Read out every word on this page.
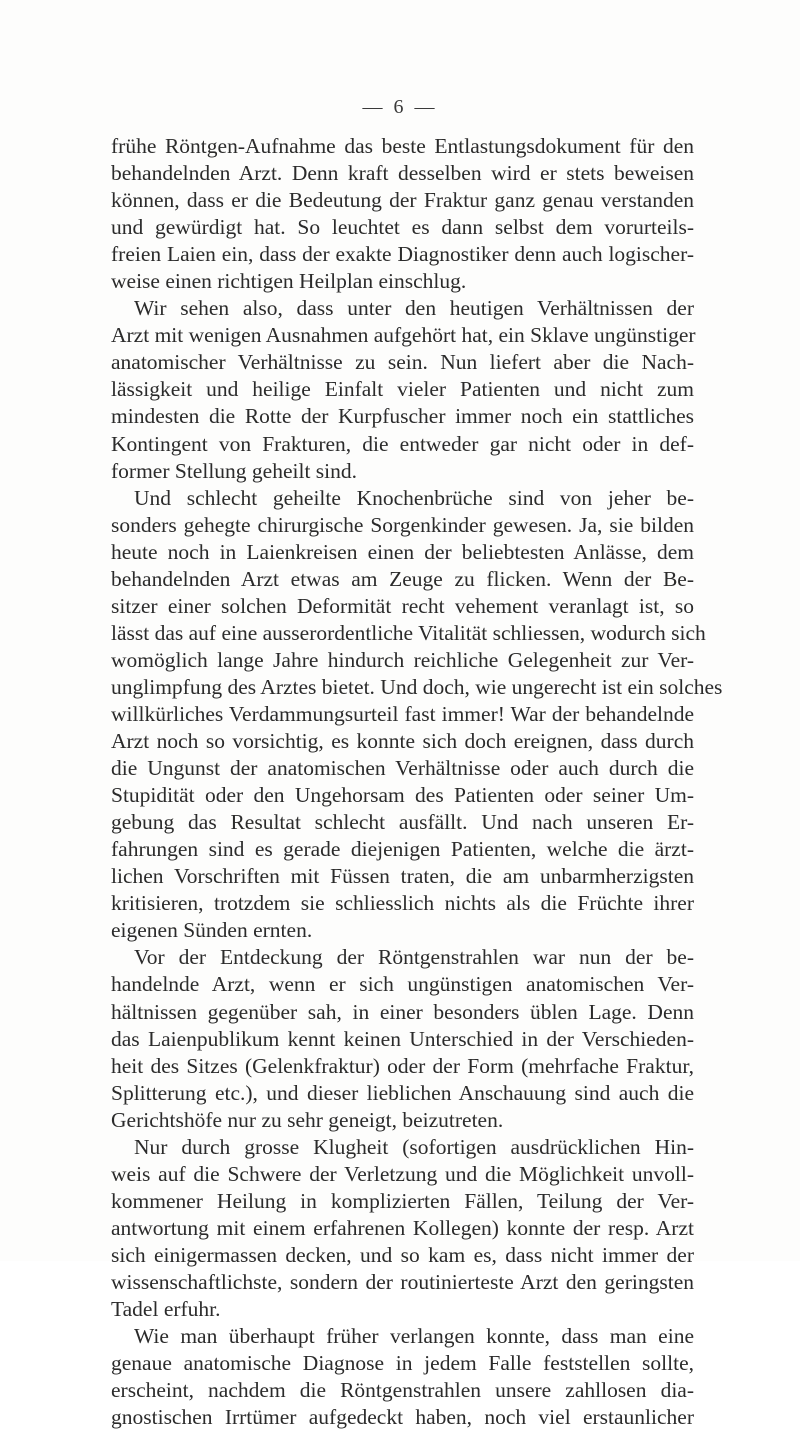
— 6 —
frühe Röntgen-Aufnahme das beste Entlastungsdokument für den
behandelnden Arzt. Denn kraft desselben wird er stets beweisen
können, dass er die Bedeutung der Fraktur ganz genau verstanden
und gewürdigt hat. So leuchtet es dann selbst dem vorurteils-
freien Laien ein, dass der exakte Diagnostiker denn auch logischer-
weise einen richtigen Heilplan einschlug.
Wir sehen also, dass unter den heutigen Verhältnissen der
Arzt mit wenigen Ausnahmen aufgehört hat, ein Sklave ungünstiger
anatomischer Verhältnisse zu sein. Nun liefert aber die Nach-
lässigkeit und heilige Einfalt vieler Patienten und nicht zum
mindesten die Rotte der Kurpfuscher immer noch ein stattliches
Kontingent von Frakturen, die entweder gar nicht oder in def-
former Stellung geheilt sind.
Und schlecht geheilte Knochenbrüche sind von jeher be-
sonders gehegte chirurgische Sorgenkinder gewesen. Ja, sie bilden
heute noch in Laienkreisen einen der beliebtesten Anlässe, dem
behandelnden Arzt etwas am Zeuge zu flicken. Wenn der Be-
sitzer einer solchen Deformität recht vehement veranlagt ist, so
lässt das auf eine ausserordentliche Vitalität schliessen, wodurch sich
womöglich lange Jahre hindurch reichliche Gelegenheit zur Ver-
unglimpfung des Arztes bietet. Und doch, wie ungerecht ist ein solches
willkürliches Verdammungsurteil fast immer! War der behandelnde
Arzt noch so vorsichtig, es konnte sich doch ereignen, dass durch
die Ungunst der anatomischen Verhältnisse oder auch durch die
Stupidität oder den Ungehorsam des Patienten oder seiner Um-
gebung das Resultat schlecht ausfällt. Und nach unseren Er-
fahrungen sind es gerade diejenigen Patienten, welche die ärzt-
lichen Vorschriften mit Füssen traten, die am unbarmherzigsten
kritisieren, trotzdem sie schliesslich nichts als die Früchte ihrer
eigenen Sünden ernten.
Vor der Entdeckung der Röntgenstrahlen war nun der be-
handelnde Arzt, wenn er sich ungünstigen anatomischen Ver-
hältnissen gegenüber sah, in einer besonders üblen Lage. Denn
das Laienpublikum kennt keinen Unterschied in der Verschieden-
heit des Sitzes (Gelenkfraktur) oder der Form (mehrfache Fraktur,
Splitterung etc.), und dieser lieblichen Anschauung sind auch die
Gerichtshöfe nur zu sehr geneigt, beizutreten.
Nur durch grosse Klugheit (sofortigen ausdrücklichen Hin-
weis auf die Schwere der Verletzung und die Möglichkeit unvoll-
kommener Heilung in komplizierten Fällen, Teilung der Ver-
antwortung mit einem erfahrenen Kollegen) konnte der resp. Arzt
sich einigermassen decken, und so kam es, dass nicht immer der
wissenschaftlichste, sondern der routinierteste Arzt den geringsten
Tadel erfuhr.
Wie man überhaupt früher verlangen konnte, dass man eine
genaue anatomische Diagnose in jedem Falle feststellen sollte,
erscheint, nachdem die Röntgenstrahlen unsere zahllosen dia-
gnostischen Irrtümer aufgedeckt haben, noch viel erstaunlicher
